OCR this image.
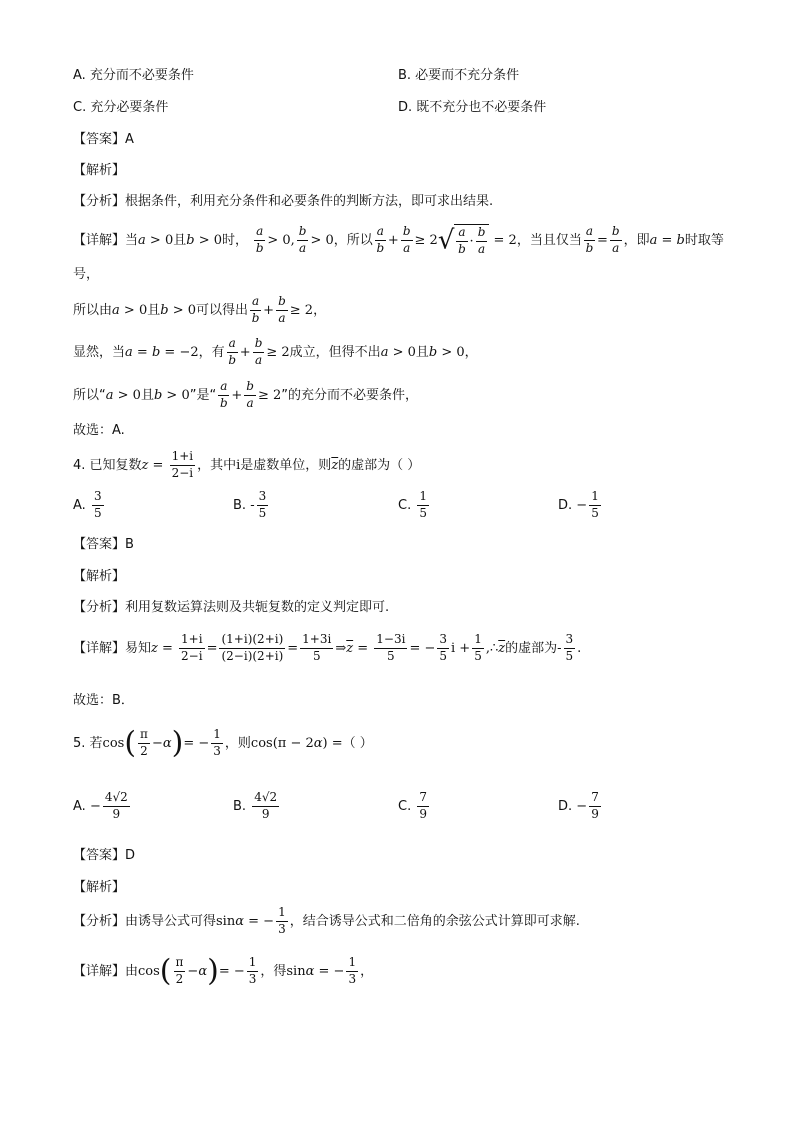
A. 充分而不必要条件	B. 必要而不充分条件
C. 充分必要条件	D. 既不充分也不必要条件
【答案】A
【解析】
【分析】根据条件，利用充分条件和必要条件的判断方法，即可求出结果.
【详解】当a > 0且b > 0时， $\frac{a}{b} > 0$, $\frac{b}{a} > 0$，所以 $\frac{a}{b} + \frac{b}{a} \ge 2√ \frac{a}{b} \cdot \frac{b}{a} = 2$，当且仅当 $\frac{a}{b} = \frac{b}{a}$ ，即a = b时取等
号，
所以由a > 0且b > 0可以得出 $\frac{a}{b} + \frac{b}{a} \ge 2$，
显然，当a = b = −2，有 $\frac{a}{b} + \frac{b}{a} \ge 2$成立，但得不出a > 0且b > 0，
所以“a > 0且b > 0”是“ $\frac{a}{b} + \frac{b}{a} \ge 2$”的充分而不必要条件，
故选：A.
4. 已知复数$z = \frac{1+i}{2-i}$ ，其中i是虚数单位，则$\overline{z}$的虚部为（ ）
A. $\frac{3}{5}$	B. - $\frac{3}{5}$	C. $\frac{1}{5}$	D. − $\frac{1}{5}$
【答案】B
【解析】
【分析】利用复数运算法则及共轭复数的定义判定即可.
【详解】易知$z = \frac{1+i}{2-i} = \frac{(1+i)(2+i)}{(2-i)(2+i)} = \frac{1+3i}{5}$ $\Rightarrow\overline{z} = \frac{1-3i}{5}$ = − $\frac{3}{5}$ $i + \frac{1}{5}$ $,\therefore\overline{z}$的虚部为- $\frac{3}{5}$ .
故选：B．
5. 若$\cos( \frac{\pi}{2} -\alpha)= - \frac{1}{3}$ ，则cos(π − 2α) =（ ）
A. − $\frac{4√2}{9}$	B. $\frac{4√2}{9}$	C. $\frac{7}{9}$	D. − $\frac{7}{9}$
【答案】D
【解析】
【分析】由诱导公式可得sinα = − $\frac{1}{3}$ ，结合诱导公式和二倍角的余弦公式计算即可求解.
【详解】由$\cos( \frac{\pi}{2} -\alpha)= - \frac{1}{3}$ ，得sinα = − $\frac{1}{3}$ ，
